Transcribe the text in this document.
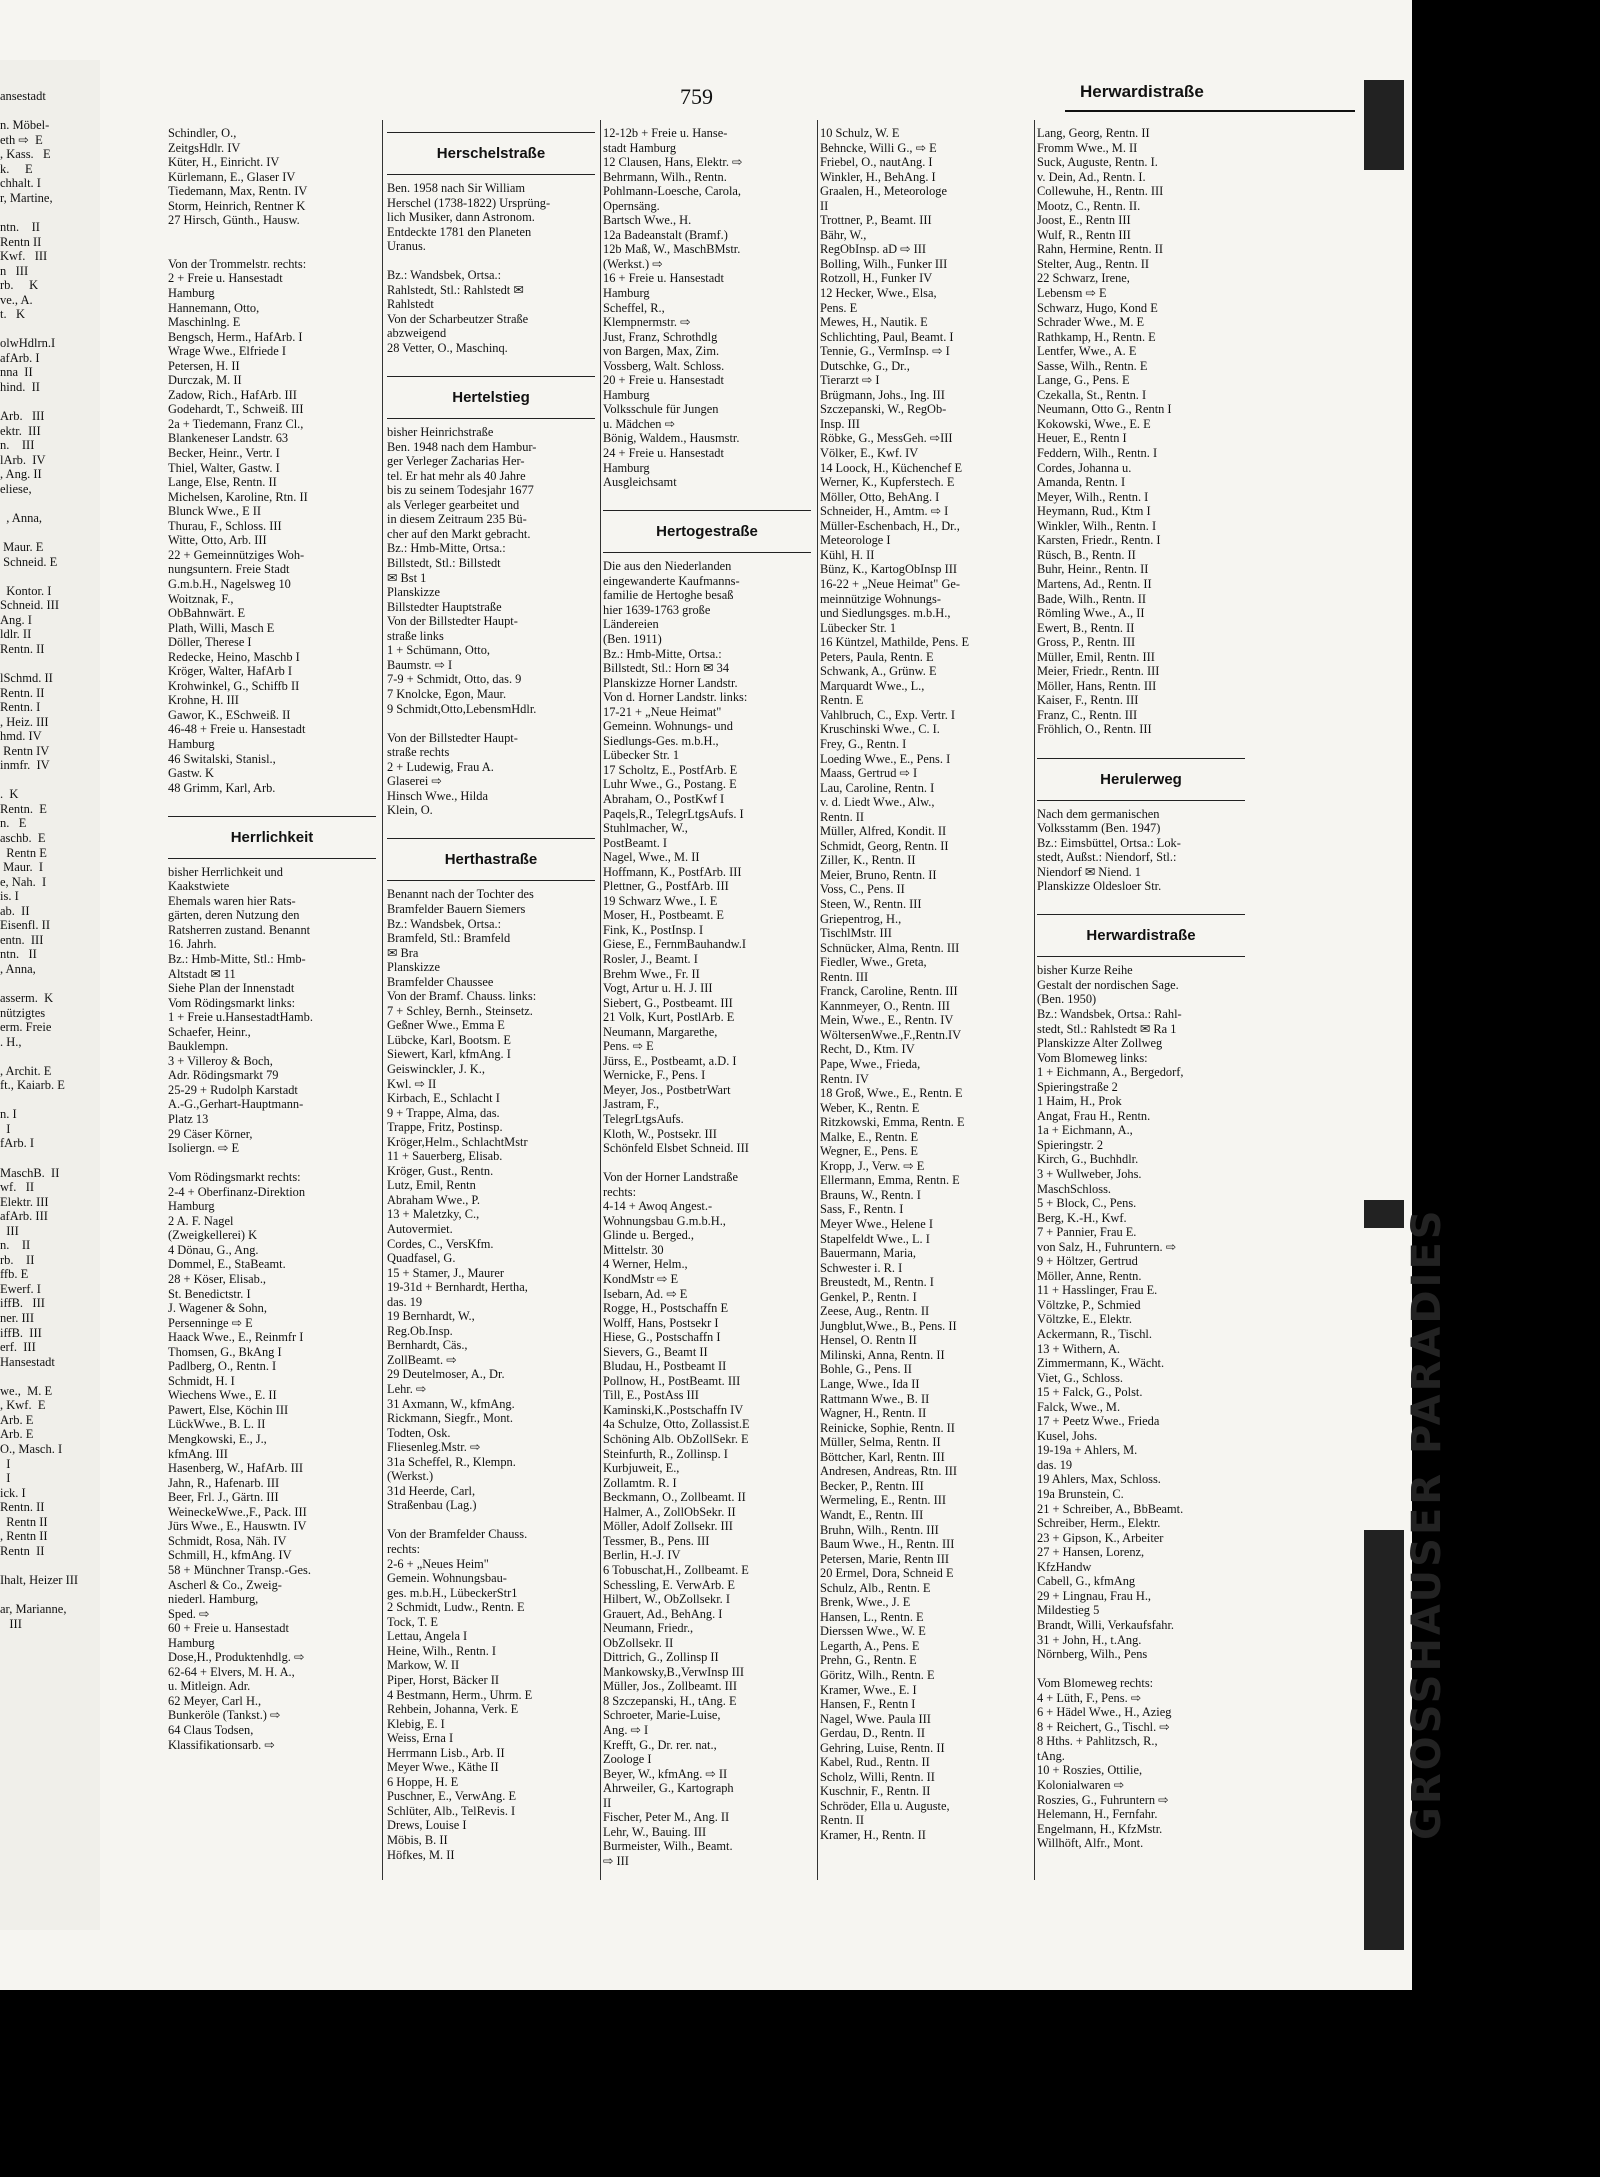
ansestadt

n. Möbel-
eth ⇨  E
, Kass.   E
k.     E
chhalt. I
r, Martine,

ntn.    II
Rentn II
Kwf.   III
n   III
rb.     K
ve., A.
t.   K

olwHdlrn.I
afArb. I
nna  II
hind.  II

Arb.   III
ektr.  III
n.    III
lArb.  IV
, Ang. II
eliese,

, Anna,

Maur. E
Schneid. E

Kontor. I
Schneid. III
Ang. I
ldlr. II
Rentn. II

lSchmd. II
Rentn. II
Rentn. I
, Heiz. III
hmd. IV
Rentn IV
inmfr.  IV

.  K
Rentn.  E
n.   E
aschb.  E
Rentn E
Maur.  I
e, Nah.  I
is. I
ab.  II
Eisenfl. II
entn.  III
ntn.   II
, Anna,

asserm.  K
nützigtes
erm. Freie
. H.,

, Archit. E
ft., Kaiarb. E

n. I
I
fArb. I

MaschB.  II
wf.   II
Elektr. III
afArb. III
III
n.    II
rb.    II
ffb. E
Ewerf. I
iffB.   III
ner. III
iffB.  III
erf.  III
Hansestadt

we.,  M. E
, Kwf.  E
Arb. E
Arb. E
O., Masch. I
I
I
ick. I
Rentn. II
Rentn II
, Rentn II
Rentn  II

Ihalt, Heizer III

ar, Marianne,
III
759	Herwardistraße
Schindler, O.,
ZeitgsHdlr. IV
Küter, H., Einricht. IV
Kürlemann, E., Glaser IV
Tiedemann, Max, Rentn. IV
Storm, Heinrich, Rentner K
27 Hirsch, Günth., Hausw.

Von der Trommelstr. rechts:
2 + Freie u. Hansestadt
Hamburg
Hannemann, Otto,
Maschinlng. E
Bengsch, Herm., HafArb. I
Wrage Wwe., Elfriede I
Petersen, H. II
Durczak, M. II
Zadow, Rich., HafArb. III
Godehardt, T., Schweiß. III
2a + Tiedemann, Franz Cl.,
Blankeneser Landstr. 63
Becker, Heinr., Vertr. I
Thiel, Walter, Gastw. I
Lange, Else, Rentn. II
Michelsen, Karoline, Rtn. II
Blunck Wwe., E II
Thurau, F., Schloss. III
Witte, Otto, Arb. III
22 + Gemeinnütziges Woh-
nungsuntern. Freie Stadt
G.m.b.H., Nagelsweg 10
Woitznak, F.,
ObBahnwärt. E
Plath, Willi, Masch E
Döller, Therese I
Redecke, Heino, Maschb I
Kröger, Walter, HafArb I
Krohwinkel, G., Schiffb II
Krohne, H. III
Gawor, K., ESchweiß. II
46-48 + Freie u. Hansestadt
Hamburg
46 Switalski, Stanisl.,
Gastw. K
48 Grimm, Karl, Arb.

Herrlichkeit
bisher Herrlichkeit und
Kaakstwiete
Ehemals waren hier Rats-
gärten, deren Nutzung den
Ratsherren zustand. Benannt
16. Jahrh.
Bz.: Hmb-Mitte, Stl.: Hmb-
Altstadt ✉ 11
Siehe Plan der Innenstadt
Vom Rödingsmarkt links:
1 + Freie u.HansestadtHamb.
Schaefer, Heinr.,
Bauklempn.
3 + Villeroy & Boch,
Adr. Rödingsmarkt 79
25-29 + Rudolph Karstadt
A.-G.,Gerhart-Hauptmann-
Platz 13
29 Cäser Körner,
Isoliergn. ⇨ E

Vom Rödingsmarkt rechts:
2-4 + Oberfinanz-Direktion
Hamburg
2 A. F. Nagel
(Zweigkellerei) K
4 Dönau, G., Ang.
Dommel, E., StaBeamt.
28 + Köser, Elisab.,
St. Benedictstr. I
J. Wagener & Sohn,
Persenninge ⇨ E
Haack Wwe., E., Reinmfr I
Thomsen, G., BkAng I
Padlberg, O., Rentn. I
Schmidt, H. I
Wiechens Wwe., E. II
Pawert, Else, Köchin III
LückWwe., B. L. II
Mengkowski, E., J.,
kfmAng. III
Hasenberg, W., HafArb. III
Jahn, R., Hafenarb. III
Beer, Frl. J., Gärtn. III
WeineckeWwe.,F., Pack. III
Jürs Wwe., E., Hauswtn. IV
Schmidt, Rosa, Näh. IV
Schmill, H., kfmAng. IV
58 + Münchner Transp.-Ges.
Ascherl & Co., Zweig-
niederl. Hamburg,
Sped. ⇨
60 + Freie u. Hansestadt
Hamburg
Dose,H., Produktenhdlg. ⇨
62-64 + Elvers, M. H. A.,
u. Mitleign. Adr.
62 Meyer, Carl H.,
Bunkeröle (Tankst.) ⇨
64 Claus Todsen,
Klassifikationsarb. ⇨
Herschelstraße
Ben. 1958 nach Sir William
Herschel (1738-1822) Ursprüng-
lich Musiker, dann Astronom.
Entdeckte 1781 den Planeten
Uranus.

Bz.: Wandsbek, Ortsa.:
Rahlstedt, Stl.: Rahlstedt ✉
Rahlstedt
Von der Scharbeutzer Straße
abzweigend
28 Vetter, O., Maschinq.

Hertelstieg
bisher Heinrichstraße
Ben. 1948 nach dem Hambur-
ger Verleger Zacharias Her-
tel. Er hat mehr als 40 Jahre
bis zu seinem Todesjahr 1677
als Verleger gearbeitet und
in diesem Zeitraum 235 Bü-
cher auf den Markt gebracht.
Bz.: Hmb-Mitte, Ortsa.:
Billstedt, Stl.: Billstedt
✉ Bst 1
Planskizze
Billstedter Hauptstraße
Von der Billstedter Haupt-
straße links
1 + Schümann, Otto,
Baumstr. ⇨ I
7-9 + Schmidt, Otto, das. 9
7 Knolcke, Egon, Maur.
9 Schmidt,Otto,LebensmHdlr.

Von der Billstedter Haupt-
straße rechts
2 + Ludewig, Frau A.
Glaserei ⇨
Hinsch Wwe., Hilda
Klein, O.

Herthastraße
Benannt nach der Tochter des
Bramfelder Bauern Siemers
Bz.: Wandsbek, Ortsa.:
Bramfeld, Stl.: Bramfeld
✉ Bra
Planskizze
Bramfelder Chaussee
Von der Bramf. Chauss. links:
7 + Schley, Bernh., Steinsetz.
Geßner Wwe., Emma E
Lübcke, Karl, Bootsm. E
Siewert, Karl, kfmAng. I
Geiswinckler, J. K.,
Kwl. ⇨ II
Kirbach, E., Schlacht I
9 + Trappe, Alma, das.
Trappe, Fritz, Postinsp.
Kröger,Helm., SchlachtMstr
11 + Sauerberg, Elisab.
Kröger, Gust., Rentn.
Lutz, Emil, Rentn
Abraham Wwe., P.
13 + Maletzky, C.,
Autovermiet.
Cordes, C., VersKfm.
Quadfasel, G.
15 + Stamer, J., Maurer
19-31d + Bernhardt, Hertha,
das. 19
19 Bernhardt, W.,
Reg.Ob.Insp.
Bernhardt, Cäs.,
ZollBeamt. ⇨
29 Deutelmoser, A., Dr.
Lehr. ⇨
31 Axmann, W., kfmAng.
Rickmann, Siegfr., Mont.
Todten, Osk.
Fliesenleg.Mstr. ⇨
31a Scheffel, R., Klempn.
(Werkst.)
31d Heerde, Carl,
Straßenbau (Lag.)

Von der Bramfelder Chauss.
rechts:
2-6 + „Neues Heim"
Gemein. Wohnungsbau-
ges. m.b.H., LübeckerStr1
2 Schmidt, Ludw., Rentn. E
Tock, T. E
Lettau, Angela I
Heine, Wilh., Rentn. I
Markow, W. II
Piper, Horst, Bäcker II
4 Bestmann, Herm., Uhrm. E
Rehbein, Johanna, Verk. E
Klebig, E. I
Weiss, Erna I
Herrmann Lisb., Arb. II
Meyer Wwe., Käthe II
6 Hoppe, H. E
Puschner, E., VerwAng. E
Schlüter, Alb., TelRevis. I
Drews, Louise I
Möbis, B. II
Höfkes, M. II
12-12b + Freie u. Hanse-
stadt Hamburg
12 Clausen, Hans, Elektr. ⇨
Behrmann, Wilh., Rentn.
Pohlmann-Loesche, Carola,
Opernsäng.
Bartsch Wwe., H.
12a Badeanstalt (Bramf.)
12b Maß, W., MaschBMstr.
(Werkst.) ⇨
16 + Freie u. Hansestadt
Hamburg
Scheffel, R.,
Klempnermstr. ⇨
Just, Franz, Schrothdlg
von Bargen, Max, Zim.
Vossberg, Walt. Schloss.
20 + Freie u. Hansestadt
Hamburg
Volksschule für Jungen
u. Mädchen ⇨
Bönig, Waldem., Hausmstr.
24 + Freie u. Hansestadt
Hamburg
Ausgleichsamt

Hertogestraße
Die aus den Niederlanden
eingewanderte Kaufmanns-
familie de Hertoghe besaß
hier 1639-1763 große
Ländereien
(Ben. 1911)
Bz.: Hmb-Mitte, Ortsa.:
Billstedt, Stl.: Horn ✉ 34
Planskizze Horner Landstr.
Von d. Horner Landstr. links:
17-21 + „Neue Heimat"
Gemeinn. Wohnungs- und
Siedlungs-Ges. m.b.H.,
Lübecker Str. 1
17 Scholtz, E., PostfArb. E
Luhr Wwe., G., Postang. E
Abraham, O., PostKwf I
Paqels,R., TelegrLtgsAufs. I
Stuhlmacher, W.,
PostBeamt. I
Nagel, Wwe., M. II
Hoffmann, K., PostfArb. III
Plettner, G., PostfArb. III
19 Schwarz Wwe., I. E
Moser, H., Postbeamt. E
Fink, K., PostInsp. I
Giese, E., FernmBauhandw.I
Rosler, J., Beamt. I
Brehm Wwe., Fr. II
Vogt, Artur u. H. J. III
Siebert, G., Postbeamt. III
21 Volk, Kurt, PostlArb. E
Neumann, Margarethe,
Pens. ⇨ E
Jürss, E., Postbeamt, a.D. I
Wernicke, F., Pens. I
Meyer, Jos., PostbetrWart
Jastram, F.,
TelegrLtgsAufs.
Kloth, W., Postsekr. III
Schönfeld Elsbet Schneid. III

Von der Horner Landstraße
rechts:
4-14 + Awoq Angest.-
Wohnungsbau G.m.b.H.,
Glinde u. Berged.,
Mittelstr. 30
4 Werner, Helm.,
KondMstr ⇨ E
Isebarn, Ad. ⇨ E
Rogge, H., Postschaffn E
Wolff, Hans, Postsekr I
Hiese, G., Postschaffn I
Sievers, G., Beamt II
Bludau, H., Postbeamt II
Pollnow, H., PostBeamt. III
Till, E., PostAss III
Kaminski,K.,Postschaffn IV
4a Schulze, Otto, Zollassist.E
Schöning Alb. ObZollSekr. E
Steinfurth, R., Zollinsp. I
Kurbjuweit, E.,
Zollamtm. R. I
Beckmann, O., Zollbeamt. II
Halmer, A., ZollObSekr. II
Möller, Adolf Zollsekr. III
Tessmer, B., Pens. III
Berlin, H.-J. IV
6 Tobuschat,H., Zollbeamt. E
Schessling, E. VerwArb. E
Hilbert, W., ObZollsekr. I
Grauert, Ad., BehAng. I
Neumann, Friedr.,
ObZollsekr. II
Dittrich, G., Zollinsp II
Mankowsky,B.,VerwInsp III
Müller, Jos., Zollbeamt. III
8 Szczepanski, H., tAng. E
Schroeter, Marie-Luise,
Ang. ⇨ I
Krefft, G., Dr. rer. nat.,
Zoologe I
Beyer, W., kfmAng. ⇨ II
Ahrweiler, G., Kartograph
II
Fischer, Peter M., Ang. II
Lehr, W., Bauing. III
Burmeister, Wilh., Beamt.
⇨ III
10 Schulz, W. E
Behncke, Willi G., ⇨ E
Friebel, O., nautAng. I
Winkler, H., BehAng. I
Graalen, H., Meteorologe
II
Trottner, P., Beamt. III
Bähr, W.,
RegObInsp. aD ⇨ III
Bolling, Wilh., Funker III
Rotzoll, H., Funker IV
12 Hecker, Wwe., Elsa,
Pens. E
Mewes, H., Nautik. E
Schlichting, Paul, Beamt. I
Tennie, G., VermInsp. ⇨ I
Dutschke, G., Dr.,
Tierarzt ⇨ I
Brügmann, Johs., Ing. III
Szczepanski, W., RegOb-
Insp. III
Röbke, G., MessGeh. ⇨III
Völker, E., Kwf. IV
14 Loock, H., Küchenchef E
Werner, K., Kupferstech. E
Möller, Otto, BehAng. I
Schneider, H., Amtm. ⇨ I
Müller-Eschenbach, H., Dr.,
Meteorologe I
Kühl, H. II
Bünz, K., KartogObInsp III
16-22 + „Neue Heimat" Ge-
meinnützige Wohnungs-
und Siedlungsges. m.b.H.,
Lübecker Str. 1
16 Küntzel, Mathilde, Pens. E
Peters, Paula, Rentn. E
Schwank, A., Grünw. E
Marquardt Wwe., L.,
Rentn. E
Vahlbruch, C., Exp. Vertr. I
Kruschinski Wwe., C. I.
Frey, G., Rentn. I
Loeding Wwe., E., Pens. I
Maass, Gertrud ⇨ I
Lau, Caroline, Rentn. I
v. d. Liedt Wwe., Alw.,
Rentn. II
Müller, Alfred, Kondit. II
Schmidt, Georg, Rentn. II
Ziller, K., Rentn. II
Meier, Bruno, Rentn. II
Voss, C., Pens. II
Steen, W., Rentn. III
Griepentrog, H.,
TischlMstr. III
Schnücker, Alma, Rentn. III
Fiedler, Wwe., Greta,
Rentn. III
Franck, Caroline, Rentn. III
Kannmeyer, O., Rentn. III
Mein, Wwe., E., Rentn. IV
WöltersenWwe.,F.,Rentn.IV
Recht, D., Ktm. IV
Pape, Wwe., Frieda,
Rentn. IV
18 Groß, Wwe., E., Rentn. E
Weber, K., Rentn. E
Ritzkowski, Emma, Rentn. E
Malke, E., Rentn. E
Wegner, E., Pens. E
Kropp, J., Verw. ⇨ E
Ellermann, Emma, Rentn. E
Brauns, W., Rentn. I
Sass, F., Rentn. I
Meyer Wwe., Helene I
Stapelfeldt Wwe., L. I
Bauermann, Maria,
Schwester i. R. I
Breustedt, M., Rentn. I
Genkel, P., Rentn. I
Zeese, Aug., Rentn. II
Jungblut,Wwe., B., Pens. II
Hensel, O. Rentn II
Milinski, Anna, Rentn. II
Bohle, G., Pens. II
Lange, Wwe., Ida II
Rattmann Wwe., B. II
Wagner, H., Rentn. II
Reinicke, Sophie, Rentn. II
Müller, Selma, Rentn. II
Böttcher, Karl, Rentn. III
Andresen, Andreas, Rtn. III
Becker, P., Rentn. III
Wermeling, E., Rentn. III
Wandt, E., Rentn. III
Bruhn, Wilh., Rentn. III
Baum Wwe., H., Rentn. III
Petersen, Marie, Rentn III
20 Ermel, Dora, Schneid E
Schulz, Alb., Rentn. E
Brenk, Wwe., J. E
Hansen, L., Rentn. E
Dierssen Wwe., W. E
Legarth, A., Pens. E
Prehn, G., Rentn. E
Göritz, Wilh., Rentn. E
Kramer, Wwe., E. I
Hansen, F., Rentn I
Nagel, Wwe. Paula III
Gerdau, D., Rentn. II
Gehring, Luise, Rentn. II
Kabel, Rud., Rentn. II
Scholz, Willi, Rentn. II
Kuschnir, F., Rentn. II
Schröder, Ella u. Auguste,
Rentn. II
Kramer, H., Rentn. II
Lang, Georg, Rentn. II
Fromm Wwe., M. II
Suck, Auguste, Rentn. I.
v. Dein, Ad., Rentn. I.
Collewuhe, H., Rentn. III
Mootz, C., Rentn. II.
Joost, E., Rentn III
Wulf, R., Rentn III
Rahn, Hermine, Rentn. II
Stelter, Aug., Rentn. II
22 Schwarz, Irene,
Lebensm ⇨ E
Schwarz, Hugo, Kond E
Schrader Wwe., M. E
Rathkamp, H., Rentn. E
Lentfer, Wwe., A. E
Sasse, Wilh., Rentn. E
Lange, G., Pens. E
Czekalla, St., Rentn. I
Neumann, Otto G., Rentn I
Kokowski, Wwe., E. E
Heuer, E., Rentn I
Feddern, Wilh., Rentn. I
Cordes, Johanna u.
Amanda, Rentn. I
Meyer, Wilh., Rentn. I
Heymann, Rud., Ktm I
Winkler, Wilh., Rentn. I
Karsten, Friedr., Rentn. I
Rüsch, B., Rentn. II
Buhr, Heinr., Rentn. II
Martens, Ad., Rentn. II
Bade, Wilh., Rentn. II
Römling Wwe., A., II
Ewert, B., Rentn. II
Gross, P., Rentn. III
Müller, Emil, Rentn. III
Meier, Friedr., Rentn. III
Möller, Hans, Rentn. III
Kaiser, F., Rentn. III
Franz, C., Rentn. III
Fröhlich, O., Rentn. III

Herulerweg
Nach dem germanischen
Volksstamm (Ben. 1947)
Bz.: Eimsbüttel, Ortsa.: Lok-
stedt, Außst.: Niendorf, Stl.:
Niendorf ✉ Niend. 1
Planskizze Oldesloer Str.

Herwardistraße
bisher Kurze Reihe
Gestalt der nordischen Sage.
(Ben. 1950)
Bz.: Wandsbek, Ortsa.: Rahl-
stedt, Stl.: Rahlstedt ✉ Ra 1
Planskizze Alter Zollweg
Vom Blomeweg links:
1 + Eichmann, A., Bergedorf,
Spieringstraße 2
1 Haim, H., Prok
Angat, Frau H., Rentn.
1a + Eichmann, A.,
Spieringstr. 2
Kirch, G., Buchhdlr.
3 + Wullweber, Johs.
MaschSchloss.
5 + Block, C., Pens.
Berg, K.-H., Kwf.
7 + Pannier, Frau E.
von Salz, H., Fuhruntern. ⇨
9 + Höltzer, Gertrud
Möller, Anne, Rentn.
11 + Hasslinger, Frau E.
Völtzke, P., Schmied
Völtzke, E., Elektr.
Ackermann, R., Tischl.
13 + Withern, A.
Zimmermann, K., Wächt.
Viet, G., Schloss.
15 + Falck, G., Polst.
Falck, Wwe., M.
17 + Peetz Wwe., Frieda
Kusel, Johs.
19-19a + Ahlers, M.
das. 19
19 Ahlers, Max, Schloss.
19a Brunstein, C.
21 + Schreiber, A., BbBeamt.
Schreiber, Herm., Elektr.
23 + Gipson, K., Arbeiter
27 + Hansen, Lorenz,
KfzHandw
Cabell, G., kfmAng
29 + Lingnau, Frau H.,
Mildestieg 5
Brandt, Willi, Verkaufsfahr.
31 + John, H., t.Ang.
Nörnberg, Wilh., Pens

Vom Blomeweg rechts:
4 + Lüth, F., Pens. ⇨
6 + Hädel Wwe., H., Azieg
8 + Reichert, G., Tischl. ⇨
8 Hths. + Pahlitzsch, R.,
tAng.
10 + Roszies, Ottilie,
Kolonialwaren ⇨
Roszies, G., Fuhruntern ⇨
Helemann, H., Fernfahr.
Engelmann, H., KfzMstr.
Willhöft, Alfr., Mont.
GROSSHAUSER PARADIES
